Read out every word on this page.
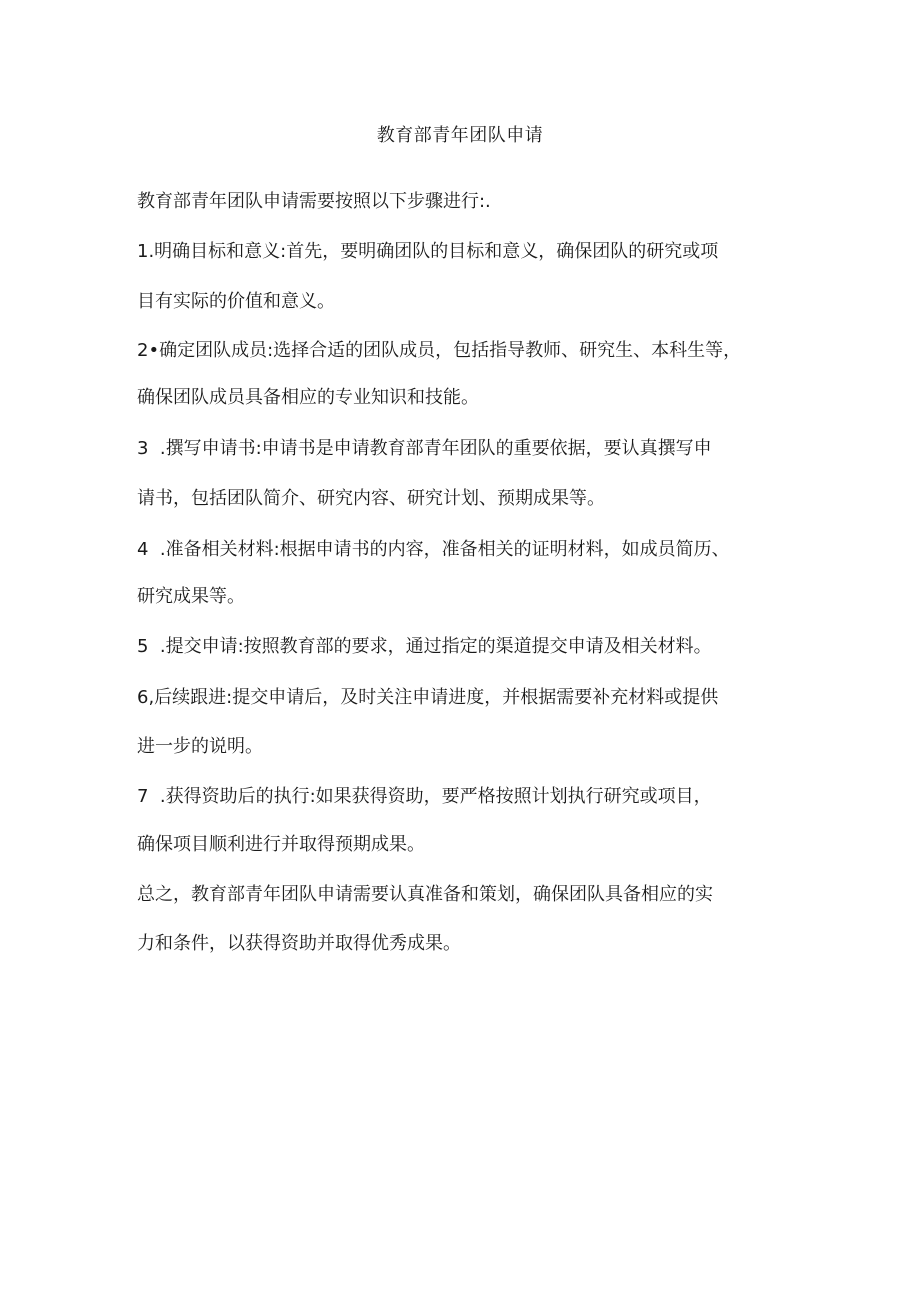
教育部青年团队申请
教育部青年团队申请需要按照以下步骤进行:.
1.明确目标和意义:首先，要明确团队的目标和意义，确保团队的研究或项
目有实际的价值和意义。
2•确定团队成员:选择合适的团队成员，包括指导教师、研究生、本科生等，
确保团队成员具备相应的专业知识和技能。
3  .撰写申请书:申请书是申请教育部青年团队的重要依据，要认真撰写申
请书，包括团队简介、研究内容、研究计划、预期成果等。
4  .准备相关材料:根据申请书的内容，准备相关的证明材料，如成员简历、
研究成果等。
5  .提交申请:按照教育部的要求，通过指定的渠道提交申请及相关材料。
6,后续跟进:提交申请后，及时关注申请进度，并根据需要补充材料或提供
进一步的说明。
7  .获得资助后的执行:如果获得资助，要严格按照计划执行研究或项目，
确保项目顺利进行并取得预期成果。
总之，教育部青年团队申请需要认真准备和策划，确保团队具备相应的实
力和条件，以获得资助并取得优秀成果。
